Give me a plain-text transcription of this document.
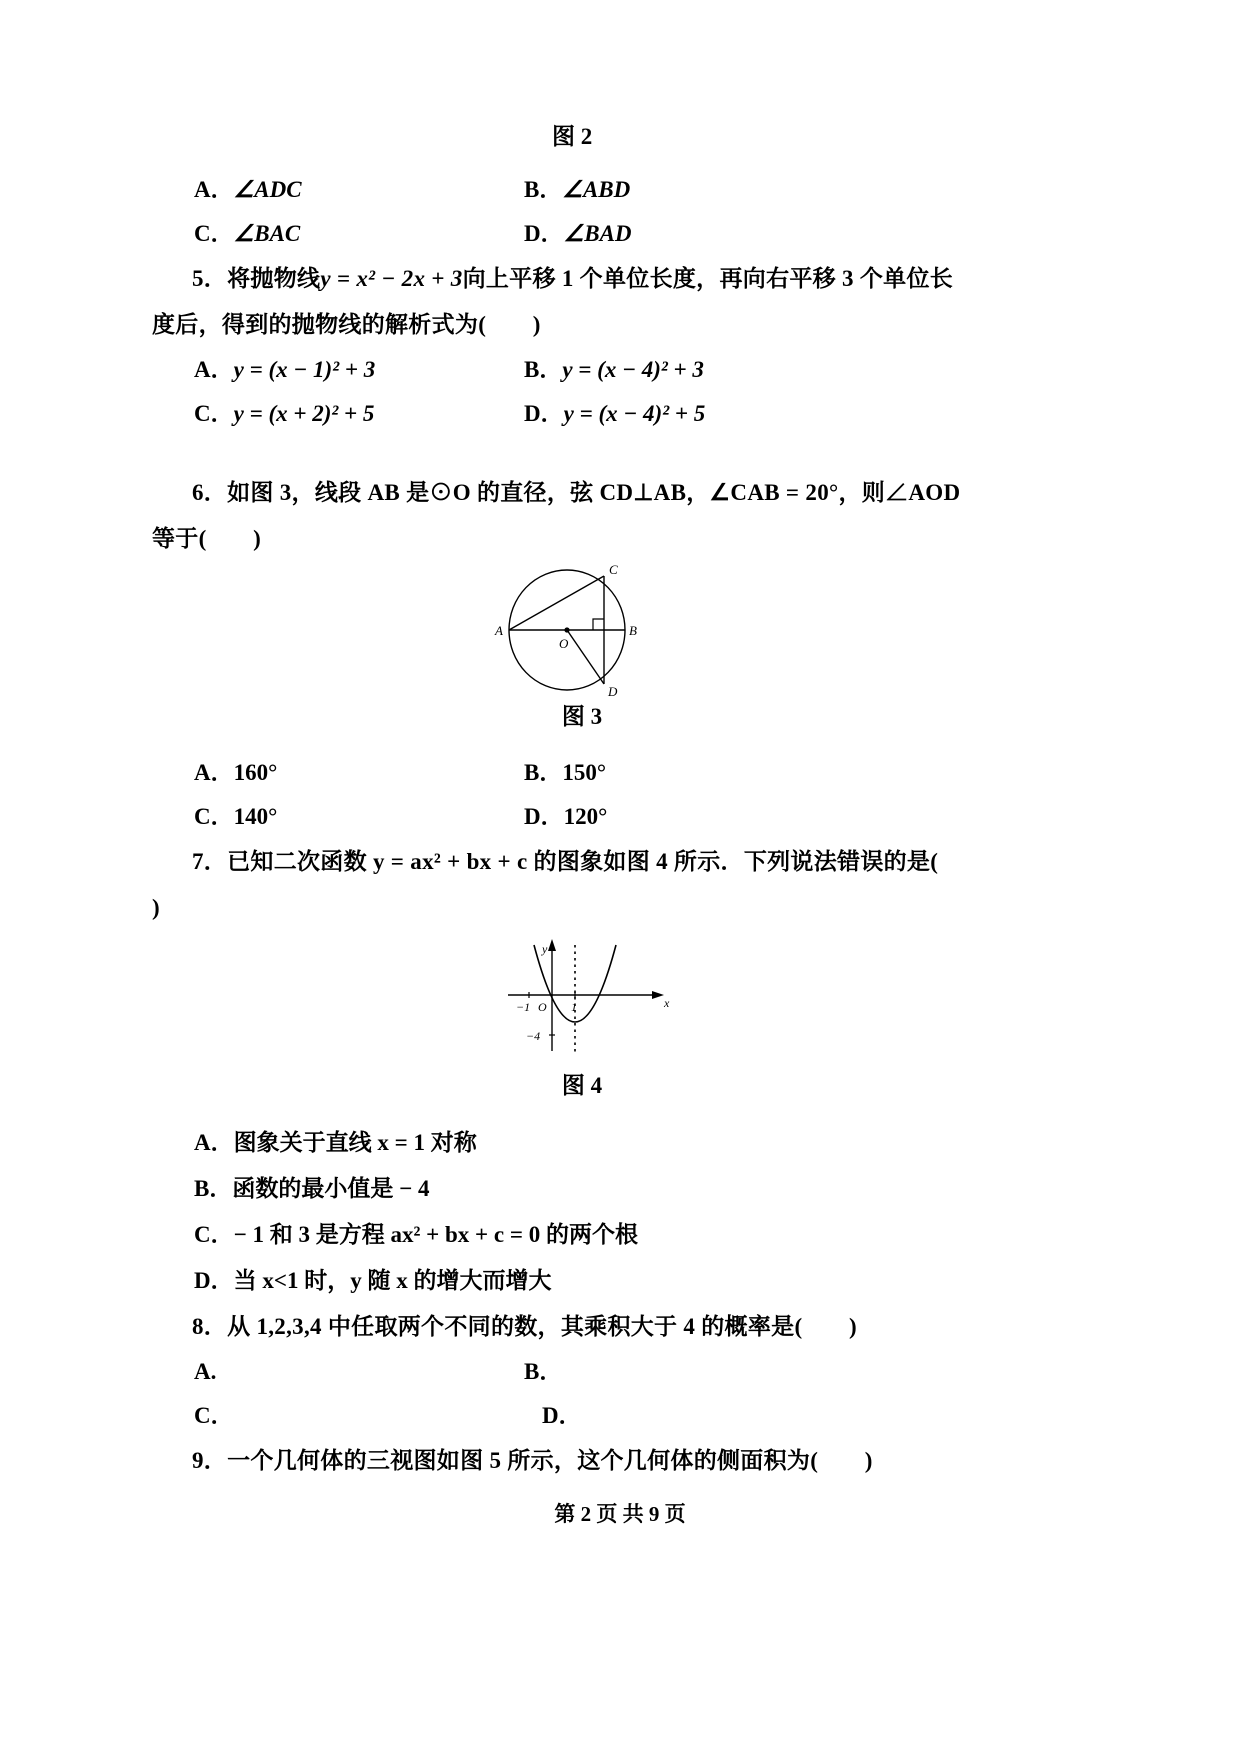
图 2
A．∠ADC	B．∠ABD
C．∠BAC	D．∠BAD
5．将抛物线y = x² − 2x + 3向上平移 1 个单位长度，再向右平移 3 个单位长
度后，得到的抛物线的解析式为(　　)
A．y = (x − 1)² + 3	B．y = (x − 4)² + 3
C．y = (x + 2)² + 5	D．y = (x − 4)² + 5
6．如图 3，线段 AB 是⊙O 的直径，弦 CD⊥AB，∠CAB = 20°，则∠AOD
等于(　　)
A	B
C
D
O
图 3
A．160°	B．150°
C．140°	D．120°
7．已知二次函数 y = ax² + bx + c 的图象如图 4 所示．下列说法错误的是(
)
−1	1
O
−4
y
x
图 4
A．图象关于直线 x = 1 对称
B．函数的最小值是 − 4
C．− 1 和 3 是方程 ax² + bx + c = 0 的两个根
D．当 x<1 时，y 随 x 的增大而增大
8．从 1,2,3,4 中任取两个不同的数，其乘积大于 4 的概率是(　　)
A.	B．
C．	D．
9．一个几何体的三视图如图 5 所示，这个几何体的侧面积为(　　)
第 2 页 共 9 页
